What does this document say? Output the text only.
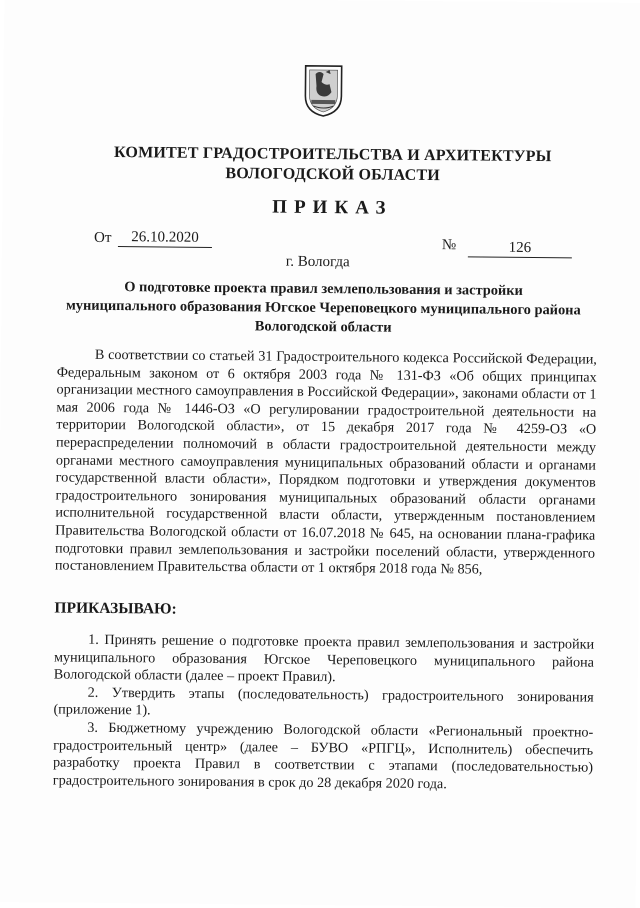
КОМИТЕТ ГРАДОСТРОИТЕЛЬСТВА И АРХИТЕКТУРЫ
ВОЛОГОДСКОЙ ОБЛАСТИ
ПРИКАЗ
От	26.10.2020	№	126
г. Вологда
О подготовке проекта правил землепользования и застройки
муниципального образования Югское Череповецкого муниципального района
Вологодской области

В соответствии со статьей 31 Градостроительного кодекса Российской Федерации, Федеральным законом от 6 октября 2003 года № 131-ФЗ «Об общих принципах организации местного самоуправления в Российской Федерации», законами области от 1 мая 2006 года № 1446-ОЗ «О регулировании градостроительной деятельности на территории Вологодской области», от 15 декабря 2017 года № 4259-ОЗ «О перераспределении полномочий в области градостроительной деятельности между органами местного самоуправления муниципальных образований области и органами государственной власти области», Порядком подготовки и утверждения документов градостроительного зонирования муниципальных образований области органами исполнительной государственной власти области, утвержденным постановлением Правительства Вологодской области от 16.07.2018 № 645, на основании плана-графика подготовки правил землепользования и застройки поселений области, утвержденного постановлением Правительства области от 1 октября 2018 года № 856,

ПРИКАЗЫВАЮ:

1. Принять решение о подготовке проекта правил землепользования и застройки муниципального образования Югское Череповецкого муниципального района Вологодской области (далее – проект Правил).

2. Утвердить этапы (последовательность) градостроительного зонирования (приложение 1).

3. Бюджетному учреждению Вологодской области «Региональный проектно-градостроительный центр» (далее – БУВО «РПГЦ», Исполнитель) обеспечить разработку проекта Правил в соответствии с этапами (последовательностью) градостроительного зонирования в срок до 28 декабря 2020 года.
